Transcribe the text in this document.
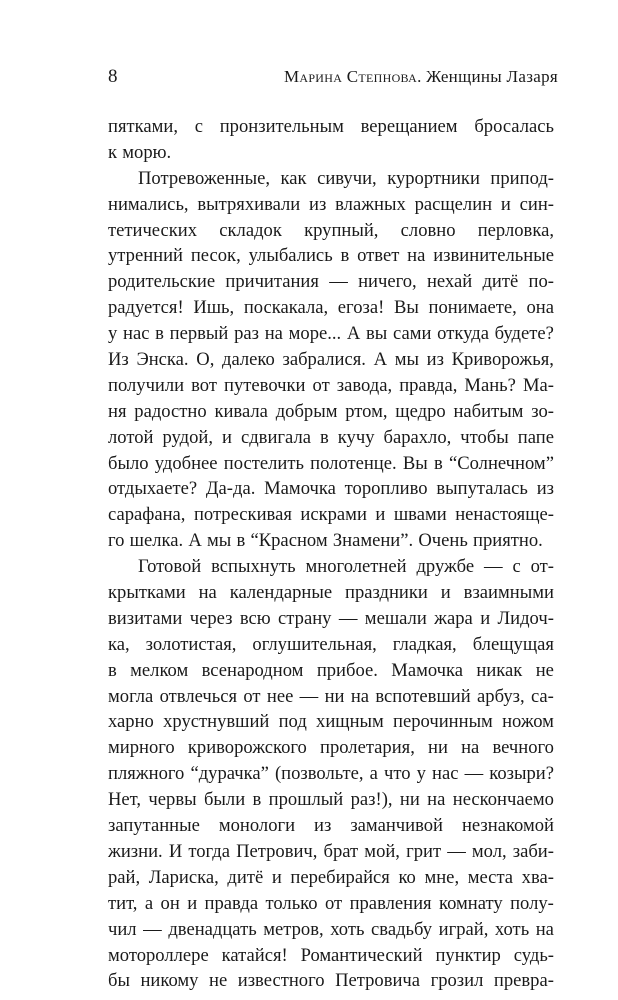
8	Марина Степнова. Женщины Лазаря
пятками, с пронзительным верещанием бросалась
к морю.
Потревоженные, как сивучи, курортники припод-
нимались, вытряхивали из влажных расщелин и син-
тетических складок крупный, словно перловка,
утренний песок, улыбались в ответ на извинительные
родительские причитания — ничего, нехай дитё по-
радуется! Ишь, поскакала, егоза! Вы понимаете, она
у нас в первый раз на море... А вы сами откуда будете?
Из Энска. О, далеко забралися. А мы из Криворожья,
получили вот путевочки от завода, правда, Мань? Ма-
ня радостно кивала добрым ртом, щедро набитым зо-
лотой рудой, и сдвигала в кучу барахло, чтобы папе
было удобнее постелить полотенце. Вы в “Солнечном”
отдыхаете? Да-да. Мамочка торопливо выпуталась из
сарафана, потрескивая искрами и швами ненастояще-
го шелка. А мы в “Красном Знамени”. Очень приятно.
Готовой вспыхнуть многолетней дружбе — с от-
крытками на календарные праздники и взаимными
визитами через всю страну — мешали жара и Лидоч-
ка, золотистая, оглушительная, гладкая, блещущая
в мелком всенародном прибое. Мамочка никак не
могла отвлечься от нее — ни на вспотевший арбуз, са-
харно хрустнувший под хищным перочинным ножом
мирного криворожского пролетария, ни на вечного
пляжного “дурачка” (позвольте, а что у нас — козыри?
Нет, червы были в прошлый раз!), ни на нескончаемо
запутанные монологи из заманчивой незнакомой
жизни. И тогда Петрович, брат мой, грит — мол, заби-
рай, Лариска, дитё и перебирайся ко мне, места хва-
тит, а он и правда только от правления комнату полу-
чил — двенадцать метров, хоть свадьбу играй, хоть на
мотороллере катайся! Романтический пунктир судь-
бы никому не известного Петровича грозил превра-
